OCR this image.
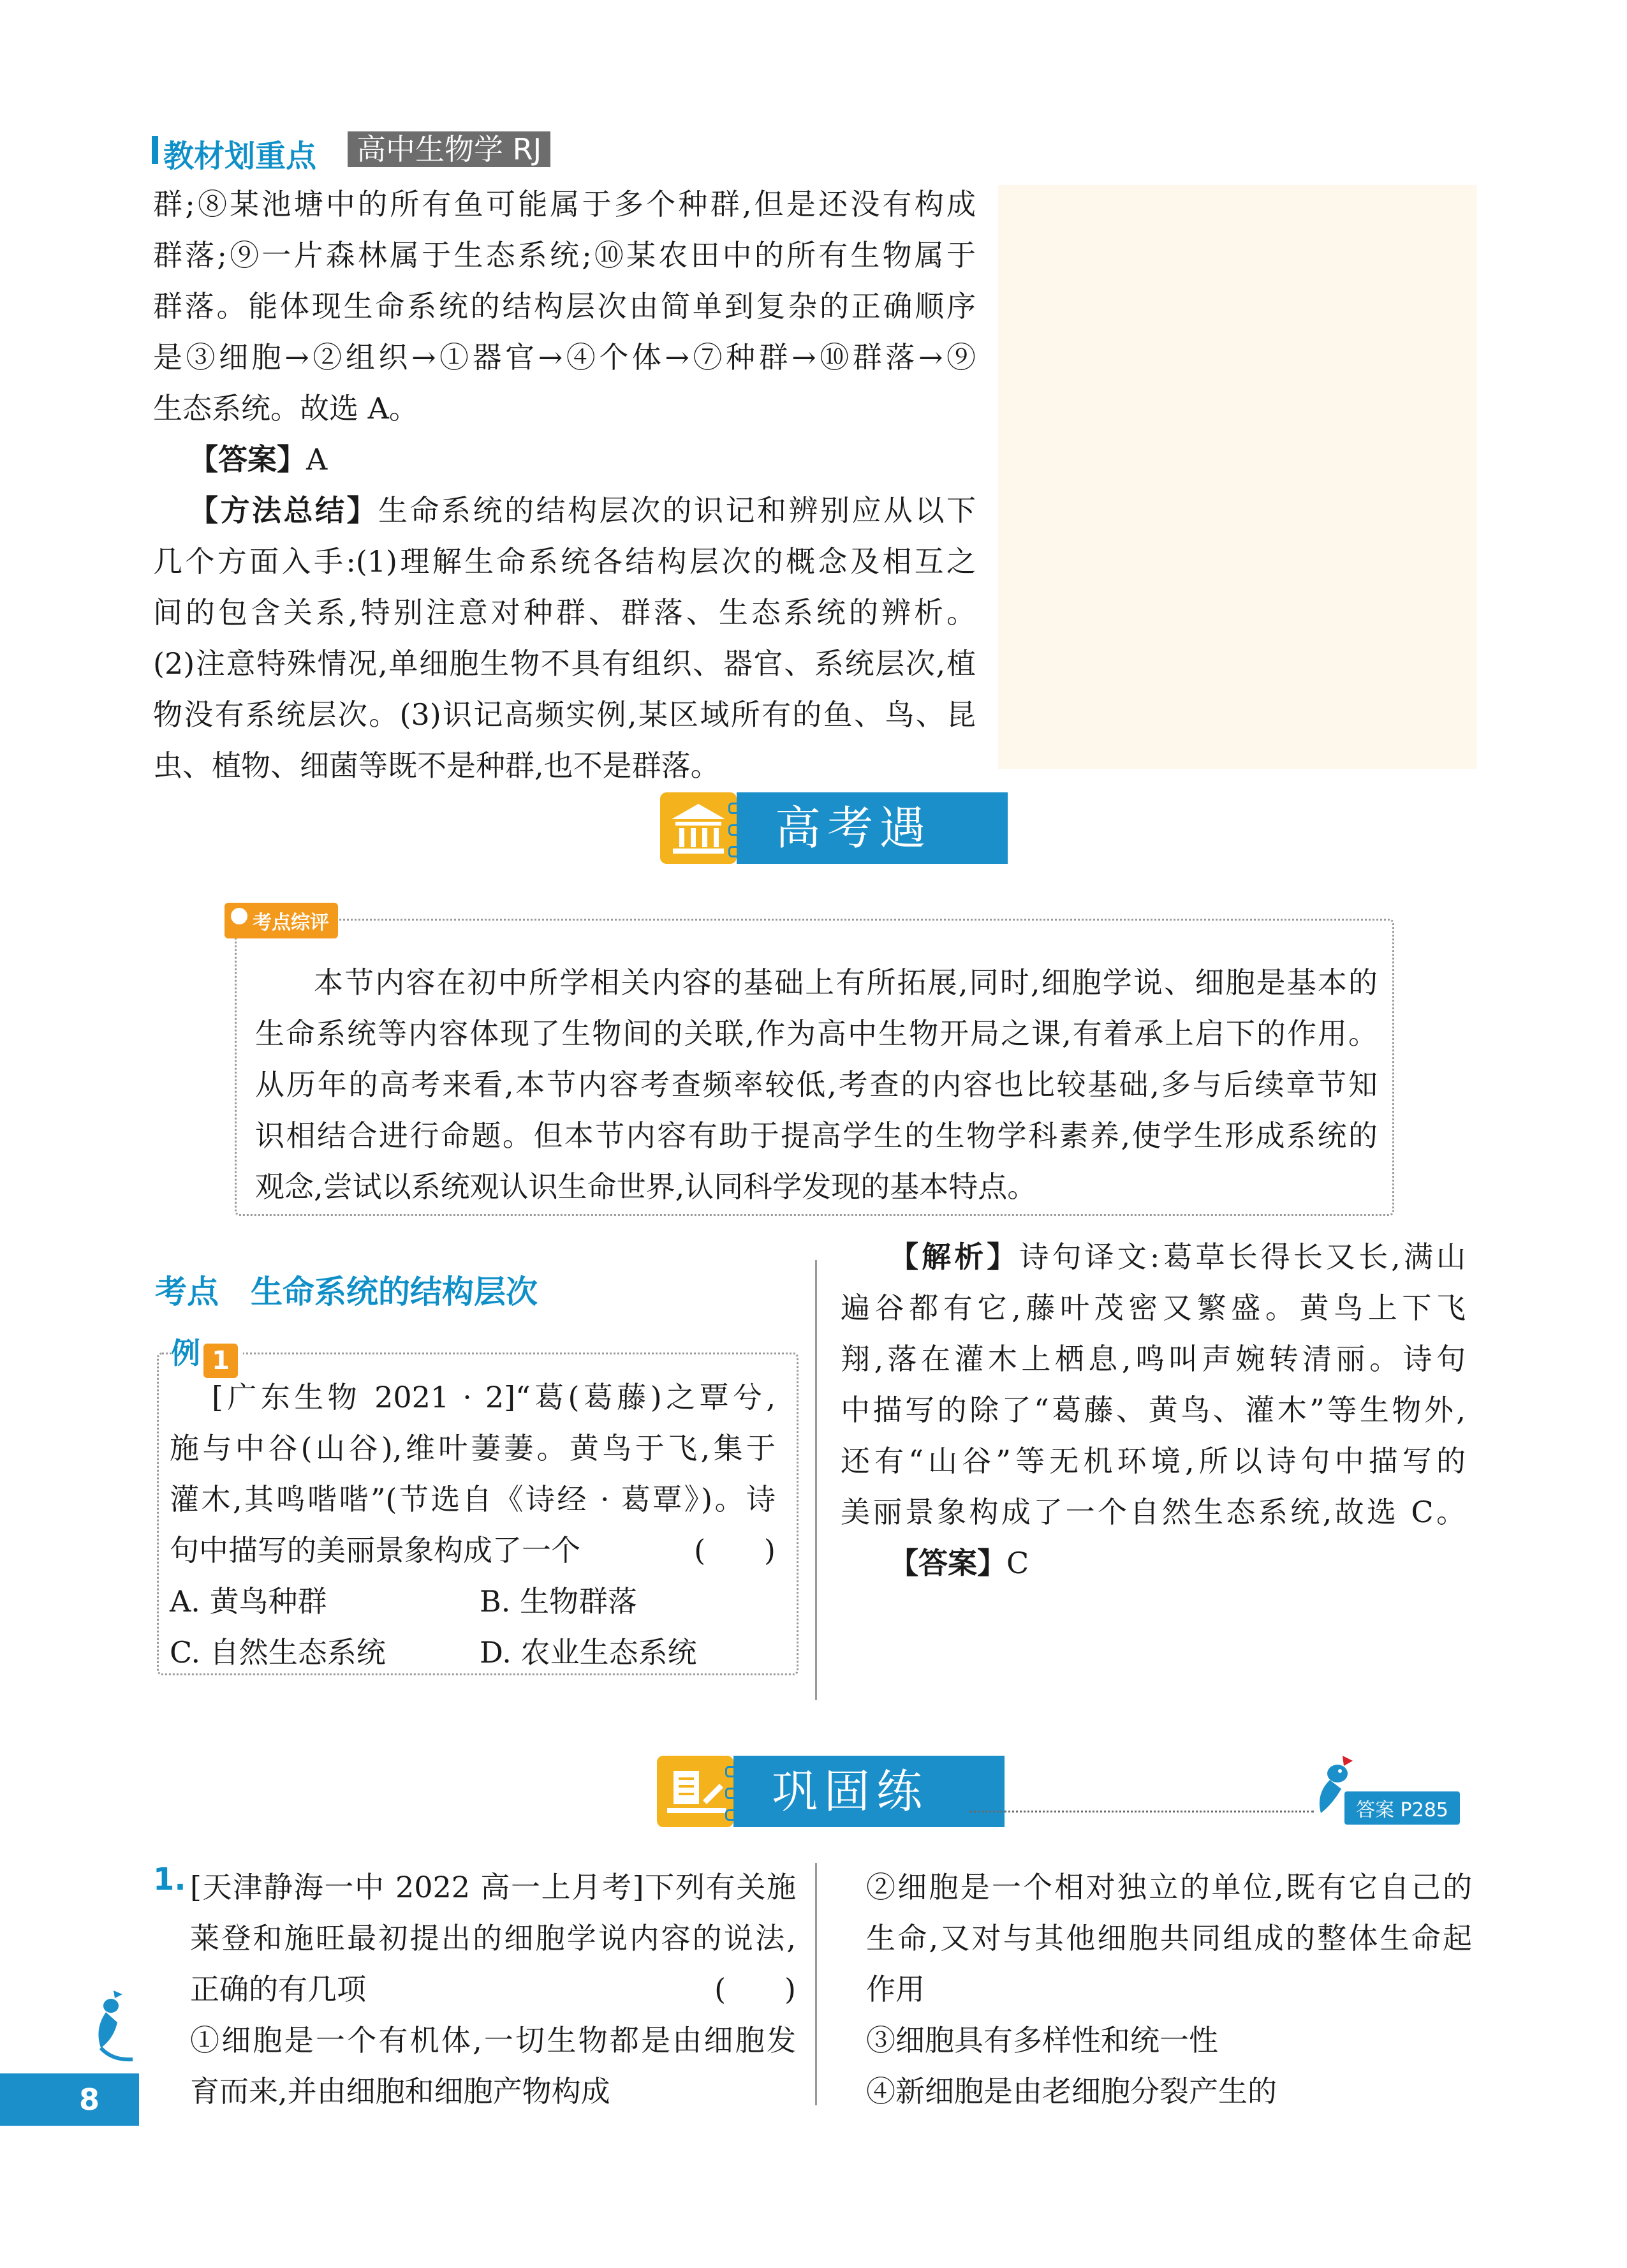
教材划重点	高中生物学 RJ
群;⑧某池塘中的所有鱼可能属于多个种群,但是还没有构成
群落;⑨一片森林属于生态系统;⑩某农田中的所有生物属于
群落。能体现生命系统的结构层次由简单到复杂的正确顺序
是③细胞→②组织→①器官→④个体→⑦种群→⑩群落→⑨
生态系统。故选 A。
【答案】A
【方法总结】生命系统的结构层次的识记和辨别应从以下
几个方面入手:(1)理解生命系统各结构层次的概念及相互之
间的包含关系,特别注意对种群、群落、生态系统的辨析。
(2)注意特殊情况,单细胞生物不具有组织、器官、系统层次,植
物没有系统层次。(3)识记高频实例,某区域所有的鱼、鸟、昆
虫、植物、细菌等既不是种群,也不是群落。
高考遇
考点综评
本节内容在初中所学相关内容的基础上有所拓展,同时,细胞学说、细胞是基本的
生命系统等内容体现了生物间的关联,作为高中生物开局之课,有着承上启下的作用。
从历年的高考来看,本节内容考查频率较低,考查的内容也比较基础,多与后续章节知
识相结合进行命题。但本节内容有助于提高学生的生物学科素养,使学生形成系统的
观念,尝试以系统观认识生命世界,认同科学发现的基本特点。
考点 生命系统的结构层次
例 1
[广东生物 2021 · 2]“葛(葛藤)之覃兮,
施与中谷(山谷),维叶萋萋。黄鸟于飞,集于
灌木,其鸣喈喈”(节选自《诗经 · 葛覃》)。诗
句中描写的美丽景象构成了一个	(　　)
A. 黄鸟种群	B. 生物群落
C. 自然生态系统	D. 农业生态系统
【解析】诗句译文:葛草长得长又长,满山
遍谷都有它,藤叶茂密又繁盛。黄鸟上下飞
翔,落在灌木上栖息,鸣叫声婉转清丽。诗句
中描写的除了“葛藤、黄鸟、灌木”等生物外,
还有“山谷”等无机环境,所以诗句中描写的
美丽景象构成了一个自然生态系统,故选 C。
【答案】C
巩固练	答案 P285
1. [天津静海一中 2022 高一上月考]下列有关施
莱登和施旺最初提出的细胞学说内容的说法,
正确的有几项	(　　)
①细胞是一个有机体,一切生物都是由细胞发
育而来,并由细胞和细胞产物构成
②细胞是一个相对独立的单位,既有它自己的
生命,又对与其他细胞共同组成的整体生命起
作用
③细胞具有多样性和统一性
④新细胞是由老细胞分裂产生的
8
